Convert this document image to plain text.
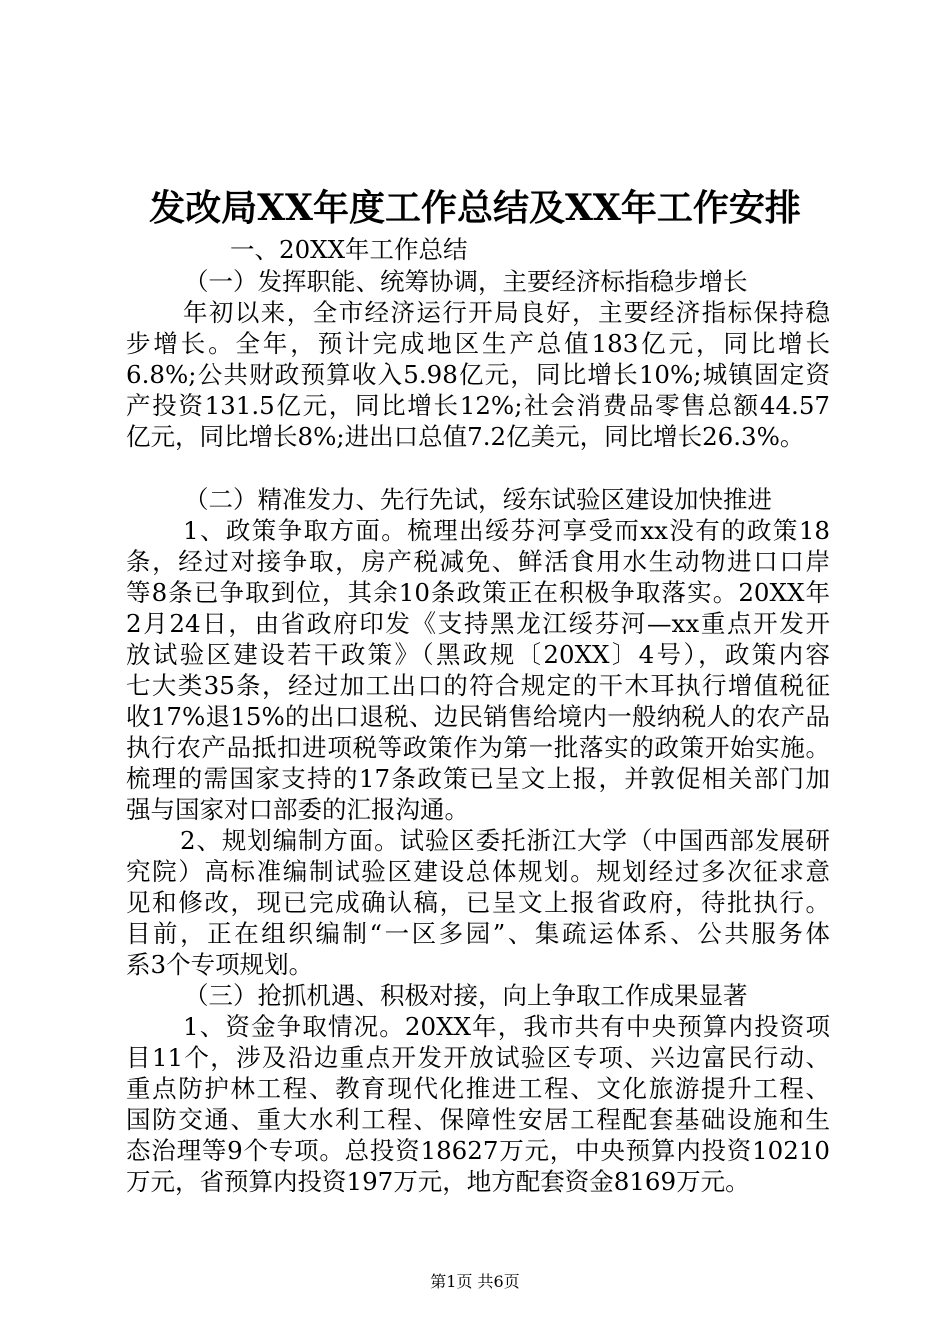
发改局XX年度工作总结及XX年工作安排
一、20XX年工作总结
（一）发挥职能、统筹协调，主要经济标指稳步增长
年初以来，全市经济运行开局良好，主要经济指标保持稳
步增长。全年，预计完成地区生产总值183亿元，同比增长
6.8%;公共财政预算收入5.98亿元，同比增长10%;城镇固定资
产投资131.5亿元，同比增长12%;社会消费品零售总额44.57
亿元，同比增长8%;进出口总值7.2亿美元，同比增长26.3%。
（二）精准发力、先行先试，绥东试验区建设加快推进
1、政策争取方面。梳理出绥芬河享受而xx没有的政策18
条，经过对接争取，房产税减免、鲜活食用水生动物进口口岸
等8条已争取到位，其余10条政策正在积极争取落实。20XX年
2月24日，由省政府印发《支持黑龙江绥芬河—xx重点开发开
放试验区建设若干政策》（黑政规〔20XX〕4号），政策内容
七大类35条，经过加工出口的符合规定的干木耳执行增值税征
收17%退15%的出口退税、边民销售给境内一般纳税人的农产品
执行农产品抵扣进项税等政策作为第一批落实的政策开始实施。
梳理的需国家支持的17条政策已呈文上报，并敦促相关部门加
强与国家对口部委的汇报沟通。
2、规划编制方面。试验区委托浙江大学（中国西部发展研
究院）高标准编制试验区建设总体规划。规划经过多次征求意
见和修改，现已完成确认稿，已呈文上报省政府，待批执行。
目前，正在组织编制“一区多园”、集疏运体系、公共服务体
系3个专项规划。
（三）抢抓机遇、积极对接，向上争取工作成果显著
1、资金争取情况。20XX年，我市共有中央预算内投资项
目11个，涉及沿边重点开发开放试验区专项、兴边富民行动、
重点防护林工程、教育现代化推进工程、文化旅游提升工程、
国防交通、重大水利工程、保障性安居工程配套基础设施和生
态治理等9个专项。总投资18627万元，中央预算内投资10210
万元，省预算内投资197万元，地方配套资金8169万元。
第1页 共6页
